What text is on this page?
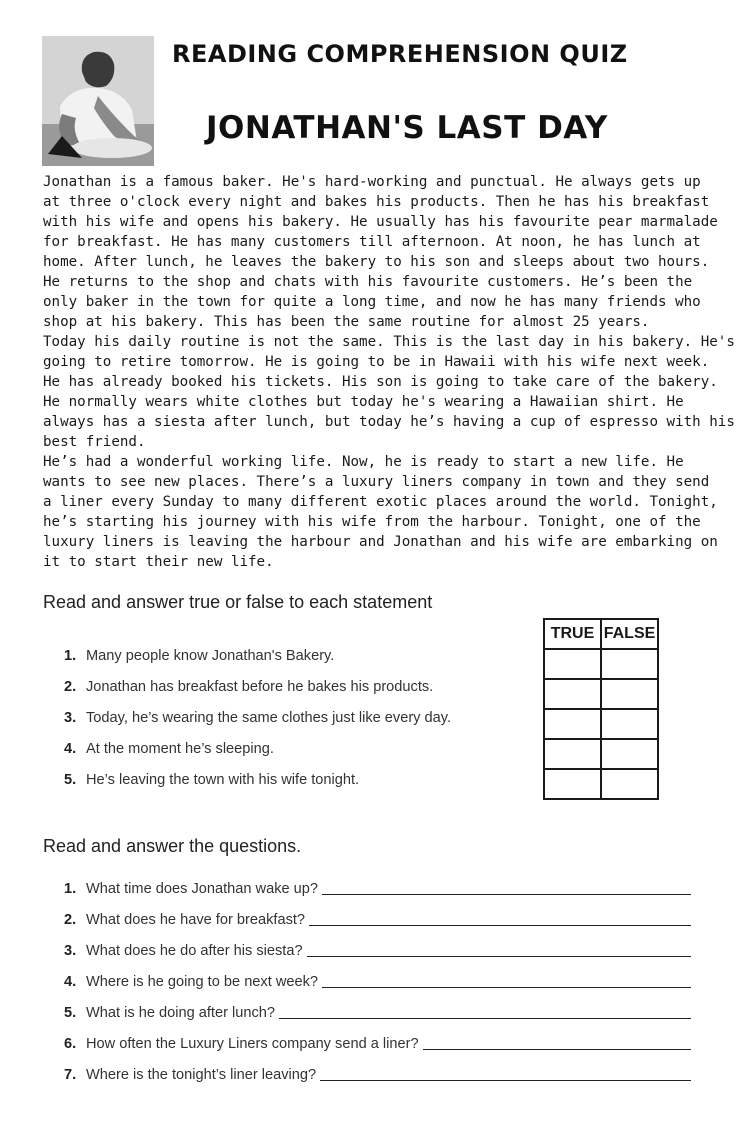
READING COMPREHENSION QUIZ
JONATHAN'S LAST DAY

Jonathan is a famous baker. He's hard-working and punctual. He always gets up

at three o'clock every night and bakes his products. Then he has his breakfast

with his wife and opens his bakery. He usually has his favourite pear marmalade

for breakfast. He has many customers till afternoon. At noon, he has lunch at

home. After lunch, he leaves the bakery to his son and sleeps about two hours.

He returns to the shop and chats with his favourite customers. He’s been the

only baker in the town for quite a long time, and now he has many friends who

shop at his bakery. This has been the same routine for almost 25 years.

Today his daily routine is not the same. This is the last day in his bakery. He's

going to retire tomorrow. He is going to be in Hawaii with his wife next week.

He has already booked his tickets. His son is going to take care of the bakery.

He normally wears white clothes but today he's wearing a Hawaiian shirt. He

always has a siesta after lunch, but today he’s having a cup of espresso with his

best friend.

He’s had a wonderful working life. Now, he is ready to start a new life. He

wants to see new places. There’s a luxury liners company in town and they send

a liner every Sunday to many different exotic places around the world. Tonight,

he’s starting his journey with his wife from the harbour. Tonight, one of the

luxury liners is leaving the harbour and Jonathan and his wife are embarking on

it to start their new life.

Read and answer true or false to each statement
1. Many people know Jonathan's Bakery.
2. Jonathan has breakfast before he bakes his products.
3. Today, he’s wearing the same clothes just like every day.
4. At the moment he’s sleeping.
5. He’s leaving the town with his wife tonight.
TRUE	FALSE

Read and answer the questions.
1. What time does Jonathan wake up?
2. What does he have for breakfast?
3. What does he do after his siesta?
4. Where is he going to be next week?
5. What is he doing after lunch?
6. How often the Luxury Liners company send a liner?
7. Where is the tonight’s liner leaving?
